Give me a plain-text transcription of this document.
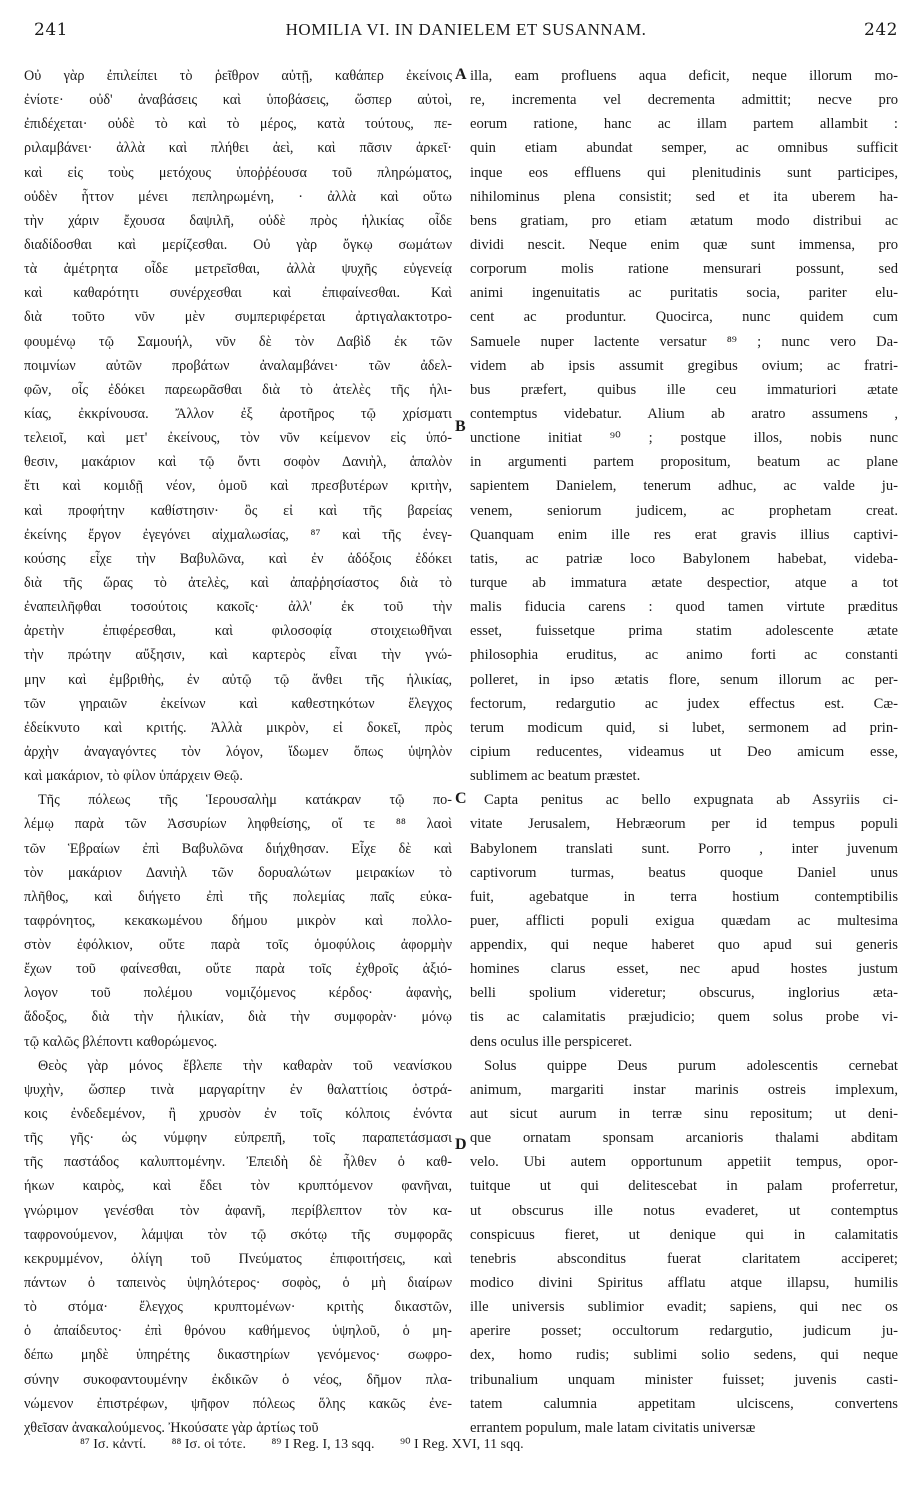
241	HOMILIA VI. IN DANIELEM ET SUSANNAM.	242
Οὐ γὰρ ἐπιλείπει τὸ ῥεῖθρον αὐτῇ, καθάπερ ἐκείνοις
ἐνίοτε· οὐδ' ἀναβάσεις καὶ ὑποβάσεις, ὥσπερ αὐτοὶ,
ἐπιδέχεται· οὐδὲ τὸ καὶ τὸ μέρος, κατὰ τούτους, πε-
ριλαμβάνει· ἀλλὰ καὶ πλήθει ἀεὶ, καὶ πᾶσιν ἀρκεῖ·
καὶ εἰς τοὺς μετόχους ὑποῤῥέουσα τοῦ πληρώματος,
οὐδὲν ἧττον μένει πεπληρωμένη, · ἀλλὰ καὶ οὕτω
τὴν χάριν ἔχουσα δαψιλῆ, οὐδὲ πρὸς ἡλικίας οἶδε
διαδίδοσθαι καὶ μερίζεσθαι. Οὐ γὰρ ὄγκῳ σωμάτων
τὰ ἀμέτρητα οἶδε μετρεῖσθαι, ἀλλὰ ψυχῆς εὐγενείᾳ
καὶ καθαρότητι συνέρχεσθαι καὶ ἐπιφαίνεσθαι. Καὶ
διὰ τοῦτο νῦν μὲν συμπεριφέρεται ἀρτιγαλακτοτρο-
φουμένῳ τῷ Σαμουήλ, νῦν δὲ τὸν Δαβὶδ ἐκ τῶν
ποιμνίων αὐτῶν προβάτων ἀναλαμβάνει· τῶν ἀδελ-
φῶν, οἷς ἐδόκει παρεωρᾶσθαι διὰ τὸ ἀτελὲς τῆς ἡλι-
κίας, ἐκκρίνουσα. Ἄλλον ἐξ ἀροτῆρος τῷ χρίσματι
τελειοῖ, καὶ μετ' ἐκείνους, τὸν νῦν κείμενον εἰς ὑπό-
θεσιν, μακάριον καὶ τῷ ὄντι σοφὸν Δανιὴλ, ἁπαλὸν
ἔτι καὶ κομιδῇ νέον, ὁμοῦ καὶ πρεσβυτέρων κριτὴν,
καὶ προφήτην καθίστησιν· ὃς εἰ καὶ τῆς βαρείας
ἐκείνης ἔργον ἐγεγόνει αἰχμαλωσίας, ⁸⁷ καὶ τῆς ἐνεγ-
κούσης εἶχε τὴν Βαβυλῶνα, καὶ ἐν ἀδόξοις ἐδόκει
διὰ τῆς ὥρας τὸ ἀτελὲς, καὶ ἀπαῤῥησίαστος διὰ τὸ
ἐναπειλῆφθαι τοσούτοις κακοῖς· ἀλλ' ἐκ τοῦ τὴν
ἀρετὴν ἐπιφέρεσθαι, καὶ φιλοσοφίᾳ στοιχειωθῆναι
τὴν πρώτην αὔξησιν, καὶ καρτερὸς εἶναι τὴν γνώ-
μην καὶ ἐμβριθὴς, ἐν αὐτῷ τῷ ἄνθει τῆς ἡλικίας,
τῶν γηραιῶν ἐκείνων καὶ καθεστηκότων ἔλεγχος
ἐδείκνυτο καὶ κριτής. Ἀλλὰ μικρὸν, εἰ δοκεῖ, πρὸς
ἀρχὴν ἀναγαγόντες τὸν λόγον, ἴδωμεν ὅπως ὑψηλὸν
καὶ μακάριον, τὸ φίλον ὑπάρχειν Θεῷ.
Τῆς πόλεως τῆς Ἱερουσαλὴμ κατάκραν τῷ πο-
λέμῳ παρὰ τῶν Ἀσσυρίων ληφθείσης, οἵ τε ⁸⁸ λαοὶ
τῶν Ἑβραίων ἐπὶ Βαβυλῶνα διήχθησαν. Εἶχε δὲ καὶ
τὸν μακάριον Δανιὴλ τῶν δορυαλώτων μειρακίων τὸ
πλῆθος, καὶ διήγετο ἐπὶ τῆς πολεμίας παῖς εὐκα-
ταφρόνητος, κεκακωμένου δήμου μικρὸν καὶ πολλο-
στὸν ἐφόλκιον, οὔτε παρὰ τοῖς ὁμοφύλοις ἀφορμὴν
ἔχων τοῦ φαίνεσθαι, οὔτε παρὰ τοῖς ἐχθροῖς ἀξιό-
λογον τοῦ πολέμου νομιζόμενος κέρδος· ἀφανὴς,
ἄδοξος, διὰ τὴν ἡλικίαν, διὰ τὴν συμφορὰν· μόνῳ
τῷ καλῶς βλέποντι καθορώμενος.
Θεὸς γὰρ μόνος ἔβλεπε τὴν καθαρὰν τοῦ νεανίσκου
ψυχὴν, ὥσπερ τινὰ μαργαρίτην ἐν θαλαττίοις ὀστρά-
κοις ἐνδεδεμένον, ἢ χρυσὸν ἐν τοῖς κόλποις ἐνόντα
τῆς γῆς· ὡς νύμφην εὐπρεπῆ, τοῖς παραπετάσμασι
τῆς παστάδος καλυπτομένην. Ἐπειδὴ δὲ ἦλθεν ὁ καθ-
ήκων καιρὸς, καὶ ἔδει τὸν κρυπτόμενον φανῆναι,
γνώριμον γενέσθαι τὸν ἀφανῆ, περίβλεπτον τὸν κα-
ταφρονούμενον, λάμψαι τὸν τῷ σκότῳ τῆς συμφορᾶς
κεκρυμμένον, ὀλίγη τοῦ Πνεύματος ἐπιφοιτήσεις, καὶ
πάντων ὁ ταπεινὸς ὑψηλότερος· σοφὸς, ὁ μὴ διαίρων
τὸ στόμα· ἔλεγχος κρυπτομένων· κριτὴς δικαστῶν,
ὁ ἀπαίδευτος· ἐπὶ θρόνου καθήμενος ὑψηλοῦ, ὁ μη-
δέπω μηδὲ ὑπηρέτης δικαστηρίων γενόμενος· σωφρο-
σύνην συκοφαντουμένην ἐκδικῶν ὁ νέος, δῆμον πλα-
νώμενον ἐπιστρέφων, ψῆφον πόλεως ὅλης κακῶς ἐνε-
χθεῖσαν ἀνακαλούμενος. Ἠκούσατε γὰρ ἀρτίως τοῦ
illa, eam profluens aqua deficit, neque illorum mo-
re, incrementa vel decrementa admittit; necve pro
eorum ratione, hanc ac illam partem allambit :
quin etiam abundat semper, ac omnibus sufficit
inque eos effluens qui plenitudinis sunt participes,
nihilominus plena consistit; sed et ita uberem ha-
bens gratiam, pro etiam ætatum modo distribui ac
dividi nescit. Neque enim quæ sunt immensa, pro
corporum molis ratione mensurari possunt, sed
animi ingenuitatis ac puritatis socia, pariter elu-
cent ac produntur. Quocirca, nunc quidem cum
Samuele nuper lactente versatur ⁸⁹ ; nunc vero Da-
videm ab ipsis assumit gregibus ovium; ac fratri-
bus præfert, quibus ille ceu immaturiori ætate
contemptus videbatur. Alium ab aratro assumens ,
unctione initiat ⁹⁰ ; postque illos, nobis nunc
in argumenti partem propositum, beatum ac plane
sapientem Danielem, tenerum adhuc, ac valde ju-
venem, seniorum judicem, ac prophetam creat.
Quanquam enim ille res erat gravis illius captivi-
tatis, ac patriæ loco Babylonem habebat, videba-
turque ab immatura ætate despectior, atque a tot
malis fiducia carens : quod tamen virtute præditus
esset, fuissetque prima statim adolescente ætate
philosophia eruditus, ac animo forti ac constanti
polleret, in ipso ætatis flore, senum illorum ac per-
fectorum, redargutio ac judex effectus est. Cæ-
terum modicum quid, si lubet, sermonem ad prin-
cipium reducentes, videamus ut Deo amicum esse,
sublimem ac beatum præstet.
Capta penitus ac bello expugnata ab Assyriis ci-
vitate Jerusalem, Hebræorum per id tempus populi
Babylonem translati sunt. Porro , inter juvenum
captivorum turmas, beatus quoque Daniel unus
fuit, agebatque in terra hostium contemptibilis
puer, afflicti populi exigua quædam ac multesima
appendix, qui neque haberet quo apud sui generis
homines clarus esset, nec apud hostes justum
belli spolium videretur; obscurus, inglorius æta-
tis ac calamitatis præjudicio; quem solus probe vi-
dens oculus ille perspiceret.
Solus quippe Deus purum adolescentis cernebat
animum, margariti instar marinis ostreis implexum,
aut sicut aurum in terræ sinu repositum; ut deni-
que ornatam sponsam arcanioris thalami abditam
velo. Ubi autem opportunum appetiit tempus, opor-
tuitque ut qui delitescebat in palam proferretur,
ut obscurus ille notus evaderet, ut contemptus
conspicuus fieret, ut denique qui in calamitatis
tenebris absconditus fuerat claritatem acciperet;
modico divini Spiritus afflatu atque illapsu, humilis
ille universis sublimior evadit; sapiens, qui nec os
aperire posset; occultorum redargutio, judicum ju-
dex, homo rudis; sublimi solio sedens, qui neque
tribunalium unquam minister fuisset; juvenis casti-
tatem calumnia appetitam ulciscens, convertens
errantem populum, male latam civitatis universæ
A
B
C
D
⁸⁷ Ισ. κἀντί. ⁸⁸ Ισ. οἱ τότε. ⁸⁹ I Reg. I, 13 sqq. ⁹⁰ I Reg. XVI, 11 sqq.
